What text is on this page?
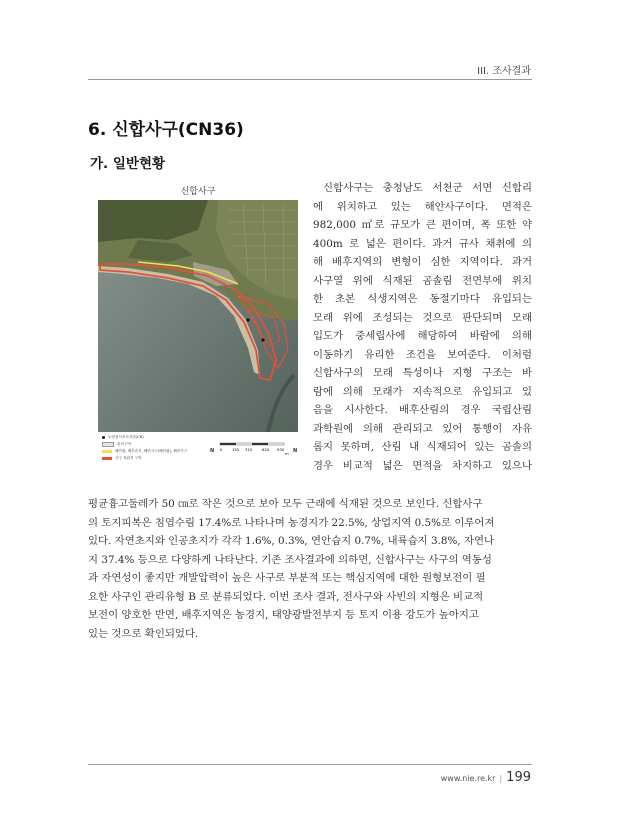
III. 조사결과
6. 신합사구(CN36)
가. 일반현황
신합사구
토양침식조사지점(CN)
관리구역
해안림, 배후습지, 해안사구(해안림), 해안사구
사구 복원지 구역
N 0	155 310	620 930
m N
신합사구는 충청남도 서천군 서면 신합리
에 위치하고 있는 해안사구이다. 면적은
982,000 ㎡로 규모가 큰 편이며, 폭 또한 약
400m 로 넓은 편이다. 과거 규사 채취에 의
해 배후지역의 변형이 심한 지역이다. 과거
사구열 위에 식재된 곰솔림 전면부에 위치
한 초본 식생지역은 동절기마다 유입되는
모래 위에 조성되는 것으로 판단되며 모래
입도가 중세립사에 해당하여 바람에 의해
이동하기 유리한 조건을 보여준다. 이처럼
신합사구의 모래 특성이나 지형 구조는 바
람에 의해 모래가 지속적으로 유입되고 있
음을 시사한다. 배후산림의 경우 국립산림
과학원에 의해 관리되고 있어 통행이 자유
롭지 못하며, 산림 내 식재되어 있는 곰솔의
경우 비교적 넓은 면적을 차지하고 있으나
평균흉고둘레가 50 ㎝로 작은 것으로 보아 모두 근래에 식재된 것으로 보인다. 신합사구
의 토지피복은 침엽수림 17.4%로 나타나며 농경지가 22.5%, 상업지역 0.5%로 이루어져
있다. 자연초지와 인공초지가 각각 1.6%, 0.3%, 연안습지 0.7%, 내륙습지 3.8%, 자연나
지 37.4% 등으로 다양하게 나타난다. 기존 조사결과에 의하면, 신합사구는 사구의 역동성
과 자연성이 좋지만 개발압력이 높은 사구로 부분적 또는 핵심지역에 대한 원형보전이 필
요한 사구인 관리유형 B 로 분류되었다. 이번 조사 결과, 전사구와 사빈의 지형은 비교적
보전이 양호한 반면, 배후지역은 농경지, 태양광발전부지 등 토지 이용 강도가 높아지고
있는 것으로 확인되었다.
www.nie.re.kr | 199
